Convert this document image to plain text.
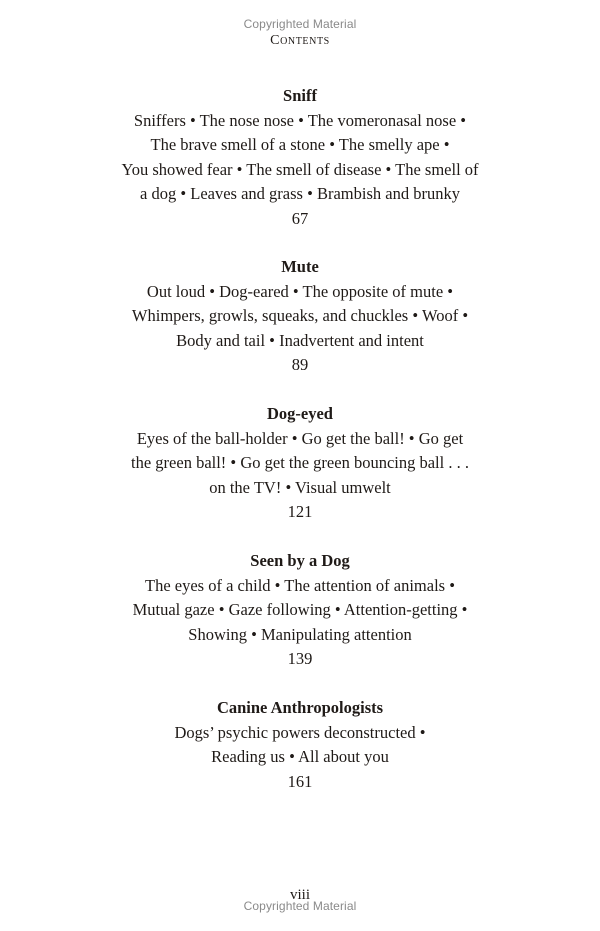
Copyrighted Material
Contents
Sniff
Sniffers • The nose nose • The vomeronasal nose •
The brave smell of a stone • The smelly ape •
You showed fear • The smell of disease • The smell of
a dog • Leaves and grass • Brambish and brunky
67
Mute
Out loud • Dog-eared • The opposite of mute •
Whimpers, growls, squeaks, and chuckles • Woof •
Body and tail • Inadvertent and intent
89
Dog-eyed
Eyes of the ball-holder • Go get the ball! • Go get
the green ball! • Go get the green bouncing ball . . .
on the TV! • Visual umwelt
121
Seen by a Dog
The eyes of a child • The attention of animals •
Mutual gaze • Gaze following • Attention-getting •
Showing • Manipulating attention
139
Canine Anthropologists
Dogs’ psychic powers deconstructed •
Reading us • All about you
161
viii
Copyrighted Material
